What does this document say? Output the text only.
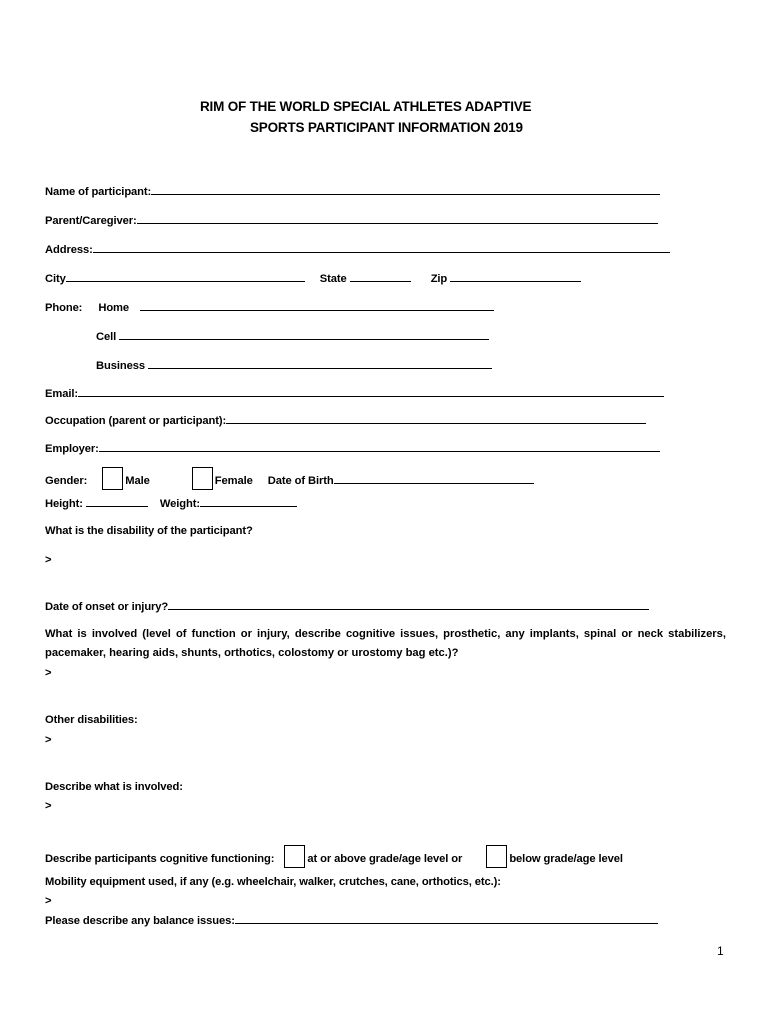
RIM OF THE WORLD SPECIAL ATHLETES ADAPTIVE
SPORTS PARTICIPANT INFORMATION 2019
Name of participant:
Parent/Caregiver:
Address:
City	State	Zip
Phone: Home
Cell
Business
Email:
Occupation (parent or participant):
Employer:
Gender:	Male	Female Date of Birth
Height:	Weight:
What is the disability of the participant?
>
Date of onset or injury?
What is involved (level of function or injury, describe cognitive issues, prosthetic, any implants, spinal or neck stabilizers, pacemaker, hearing aids, shunts, orthotics, colostomy or urostomy bag etc.)?
>
Other disabilities:
>
Describe what is involved:
>
Describe participants cognitive functioning:	at or above grade/age level or	below grade/age level
Mobility equipment used, if any (e.g. wheelchair, walker, crutches, cane, orthotics, etc.):
>
Please describe any balance issues:
1
